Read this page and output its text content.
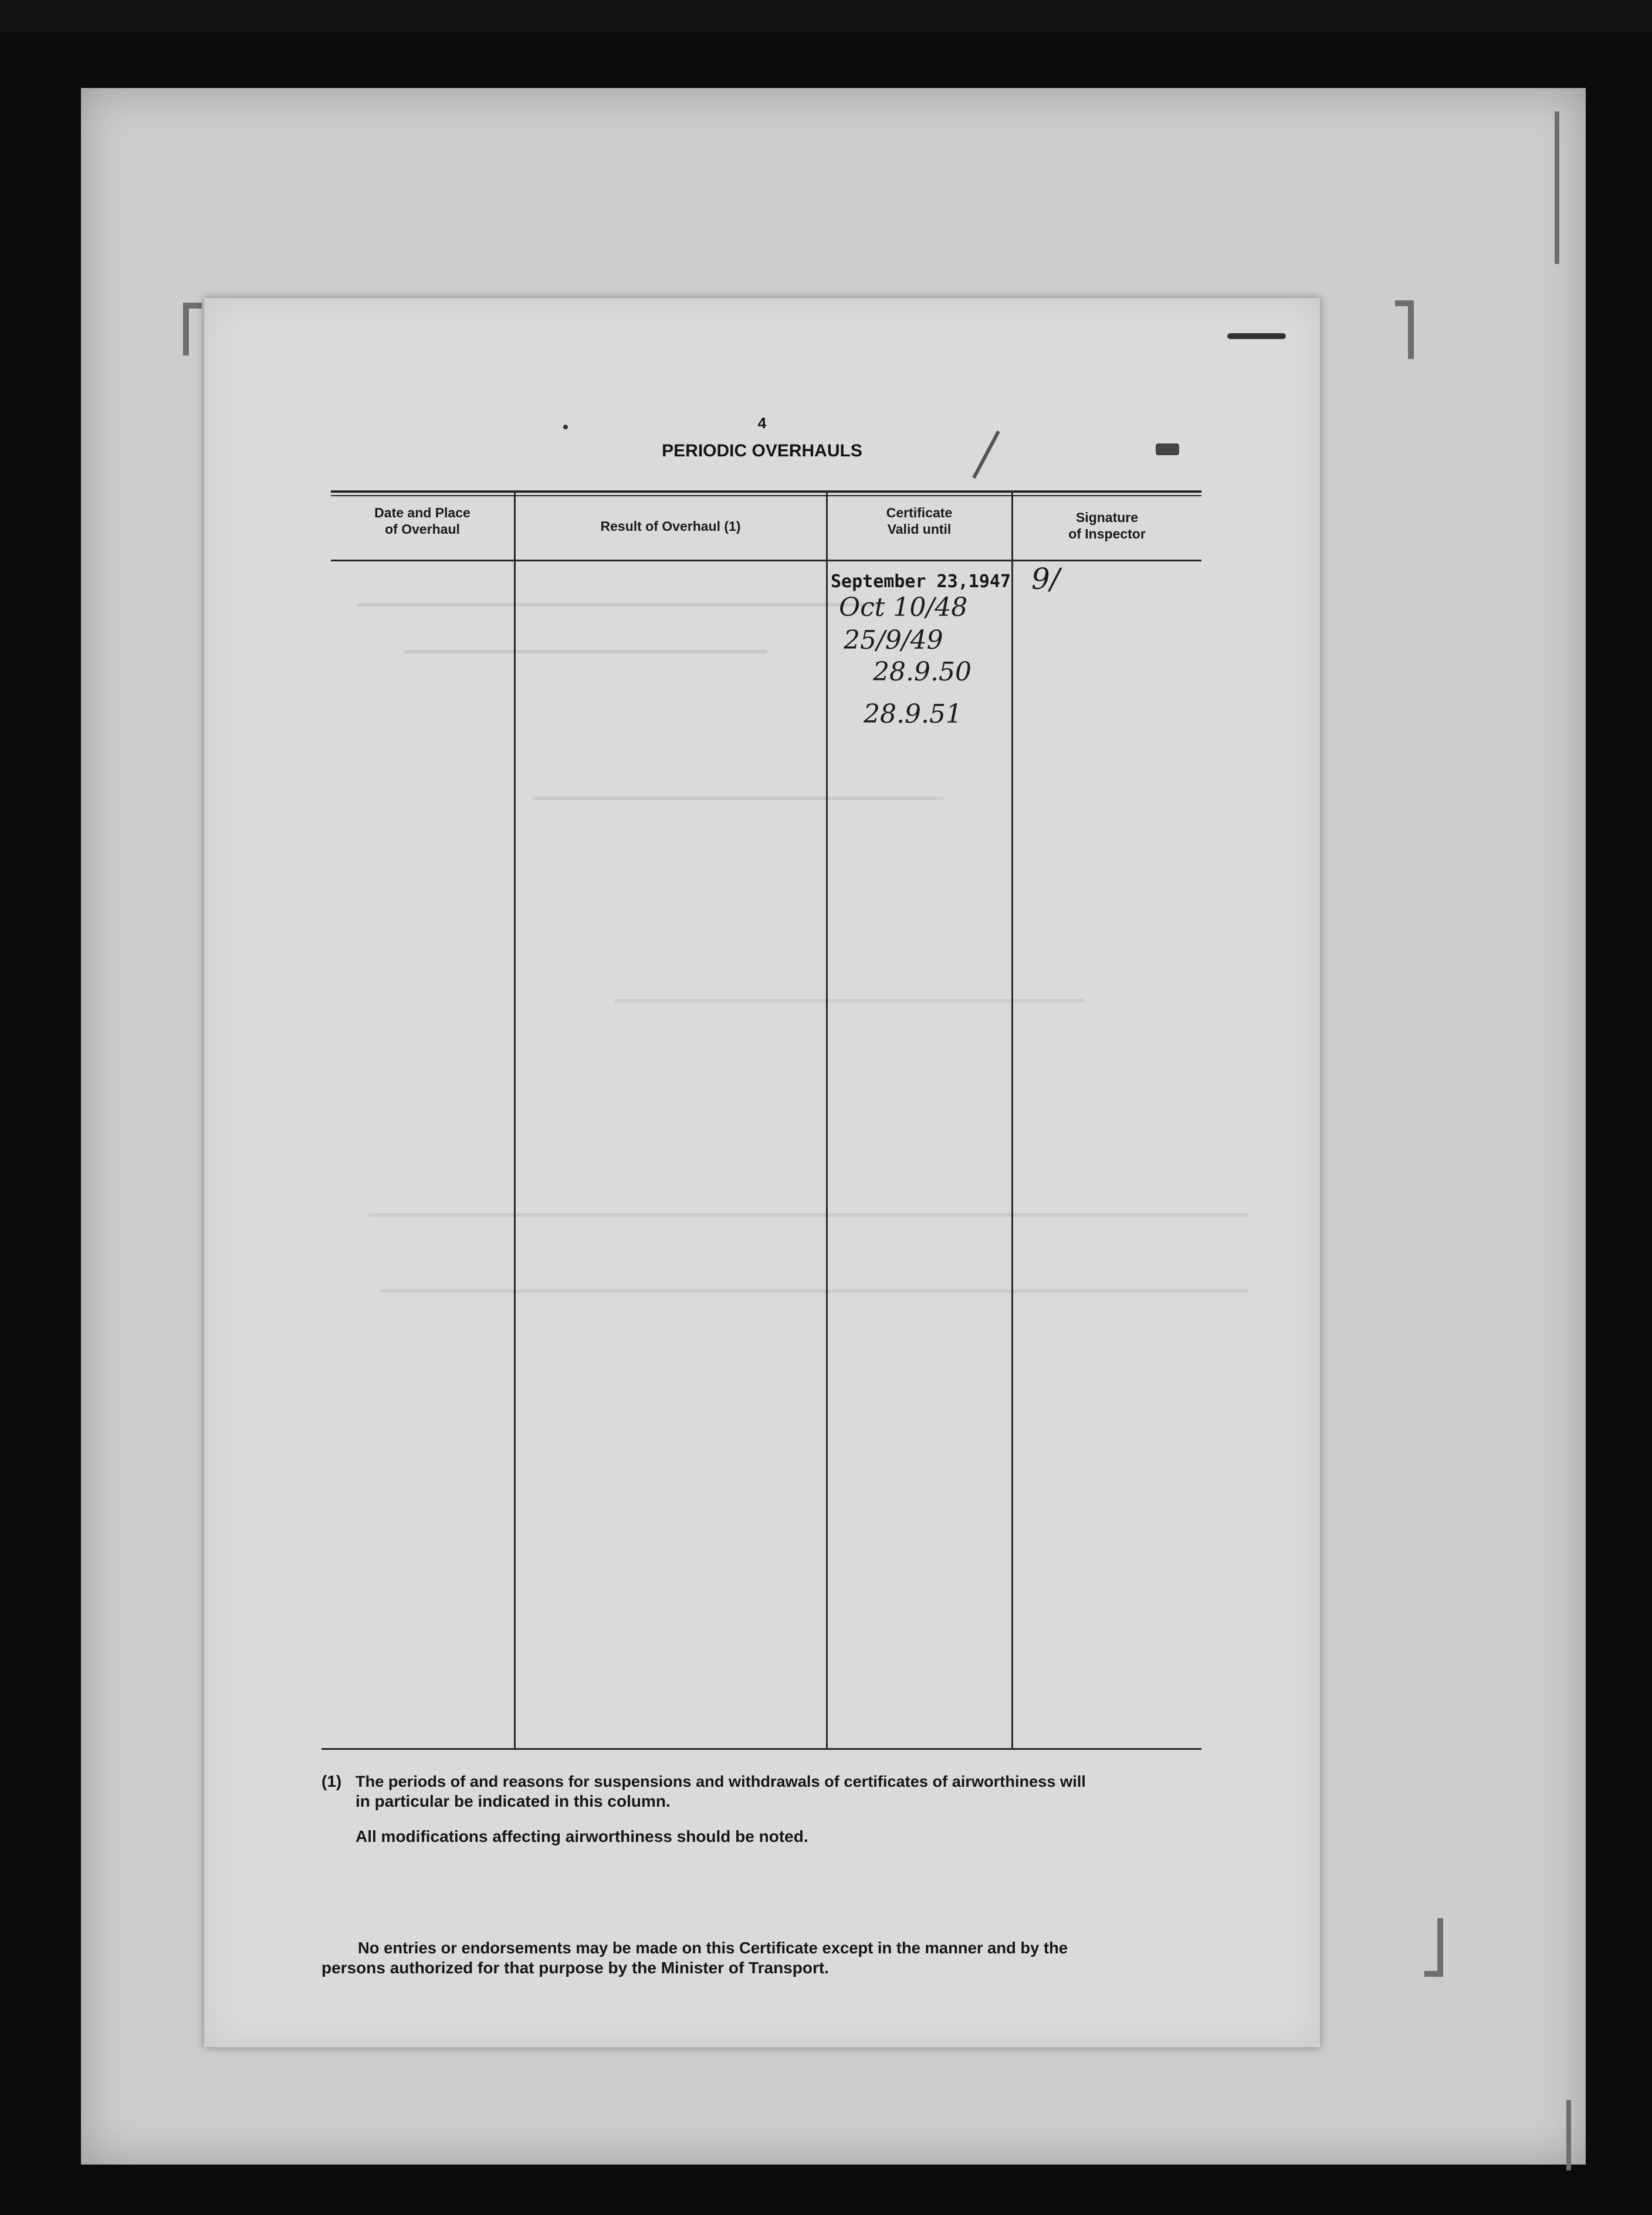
4
PERIODIC OVERHAULS
Date and Place
of Overhaul	Result of Overhaul (1)
Certificate
Valid until
Signature
of Inspector
September 23,1947
Oct 10/48
25/9/49
28.9.50
28.9.51
9/
(1) The periods of and reasons for suspensions and withdrawals of certificates of airworthiness will
in particular be indicated in this column.
All modifications affecting airworthiness should be noted.
No entries or endorsements may be made on this Certificate except in the manner and by the
persons authorized for that purpose by the Minister of Transport.
